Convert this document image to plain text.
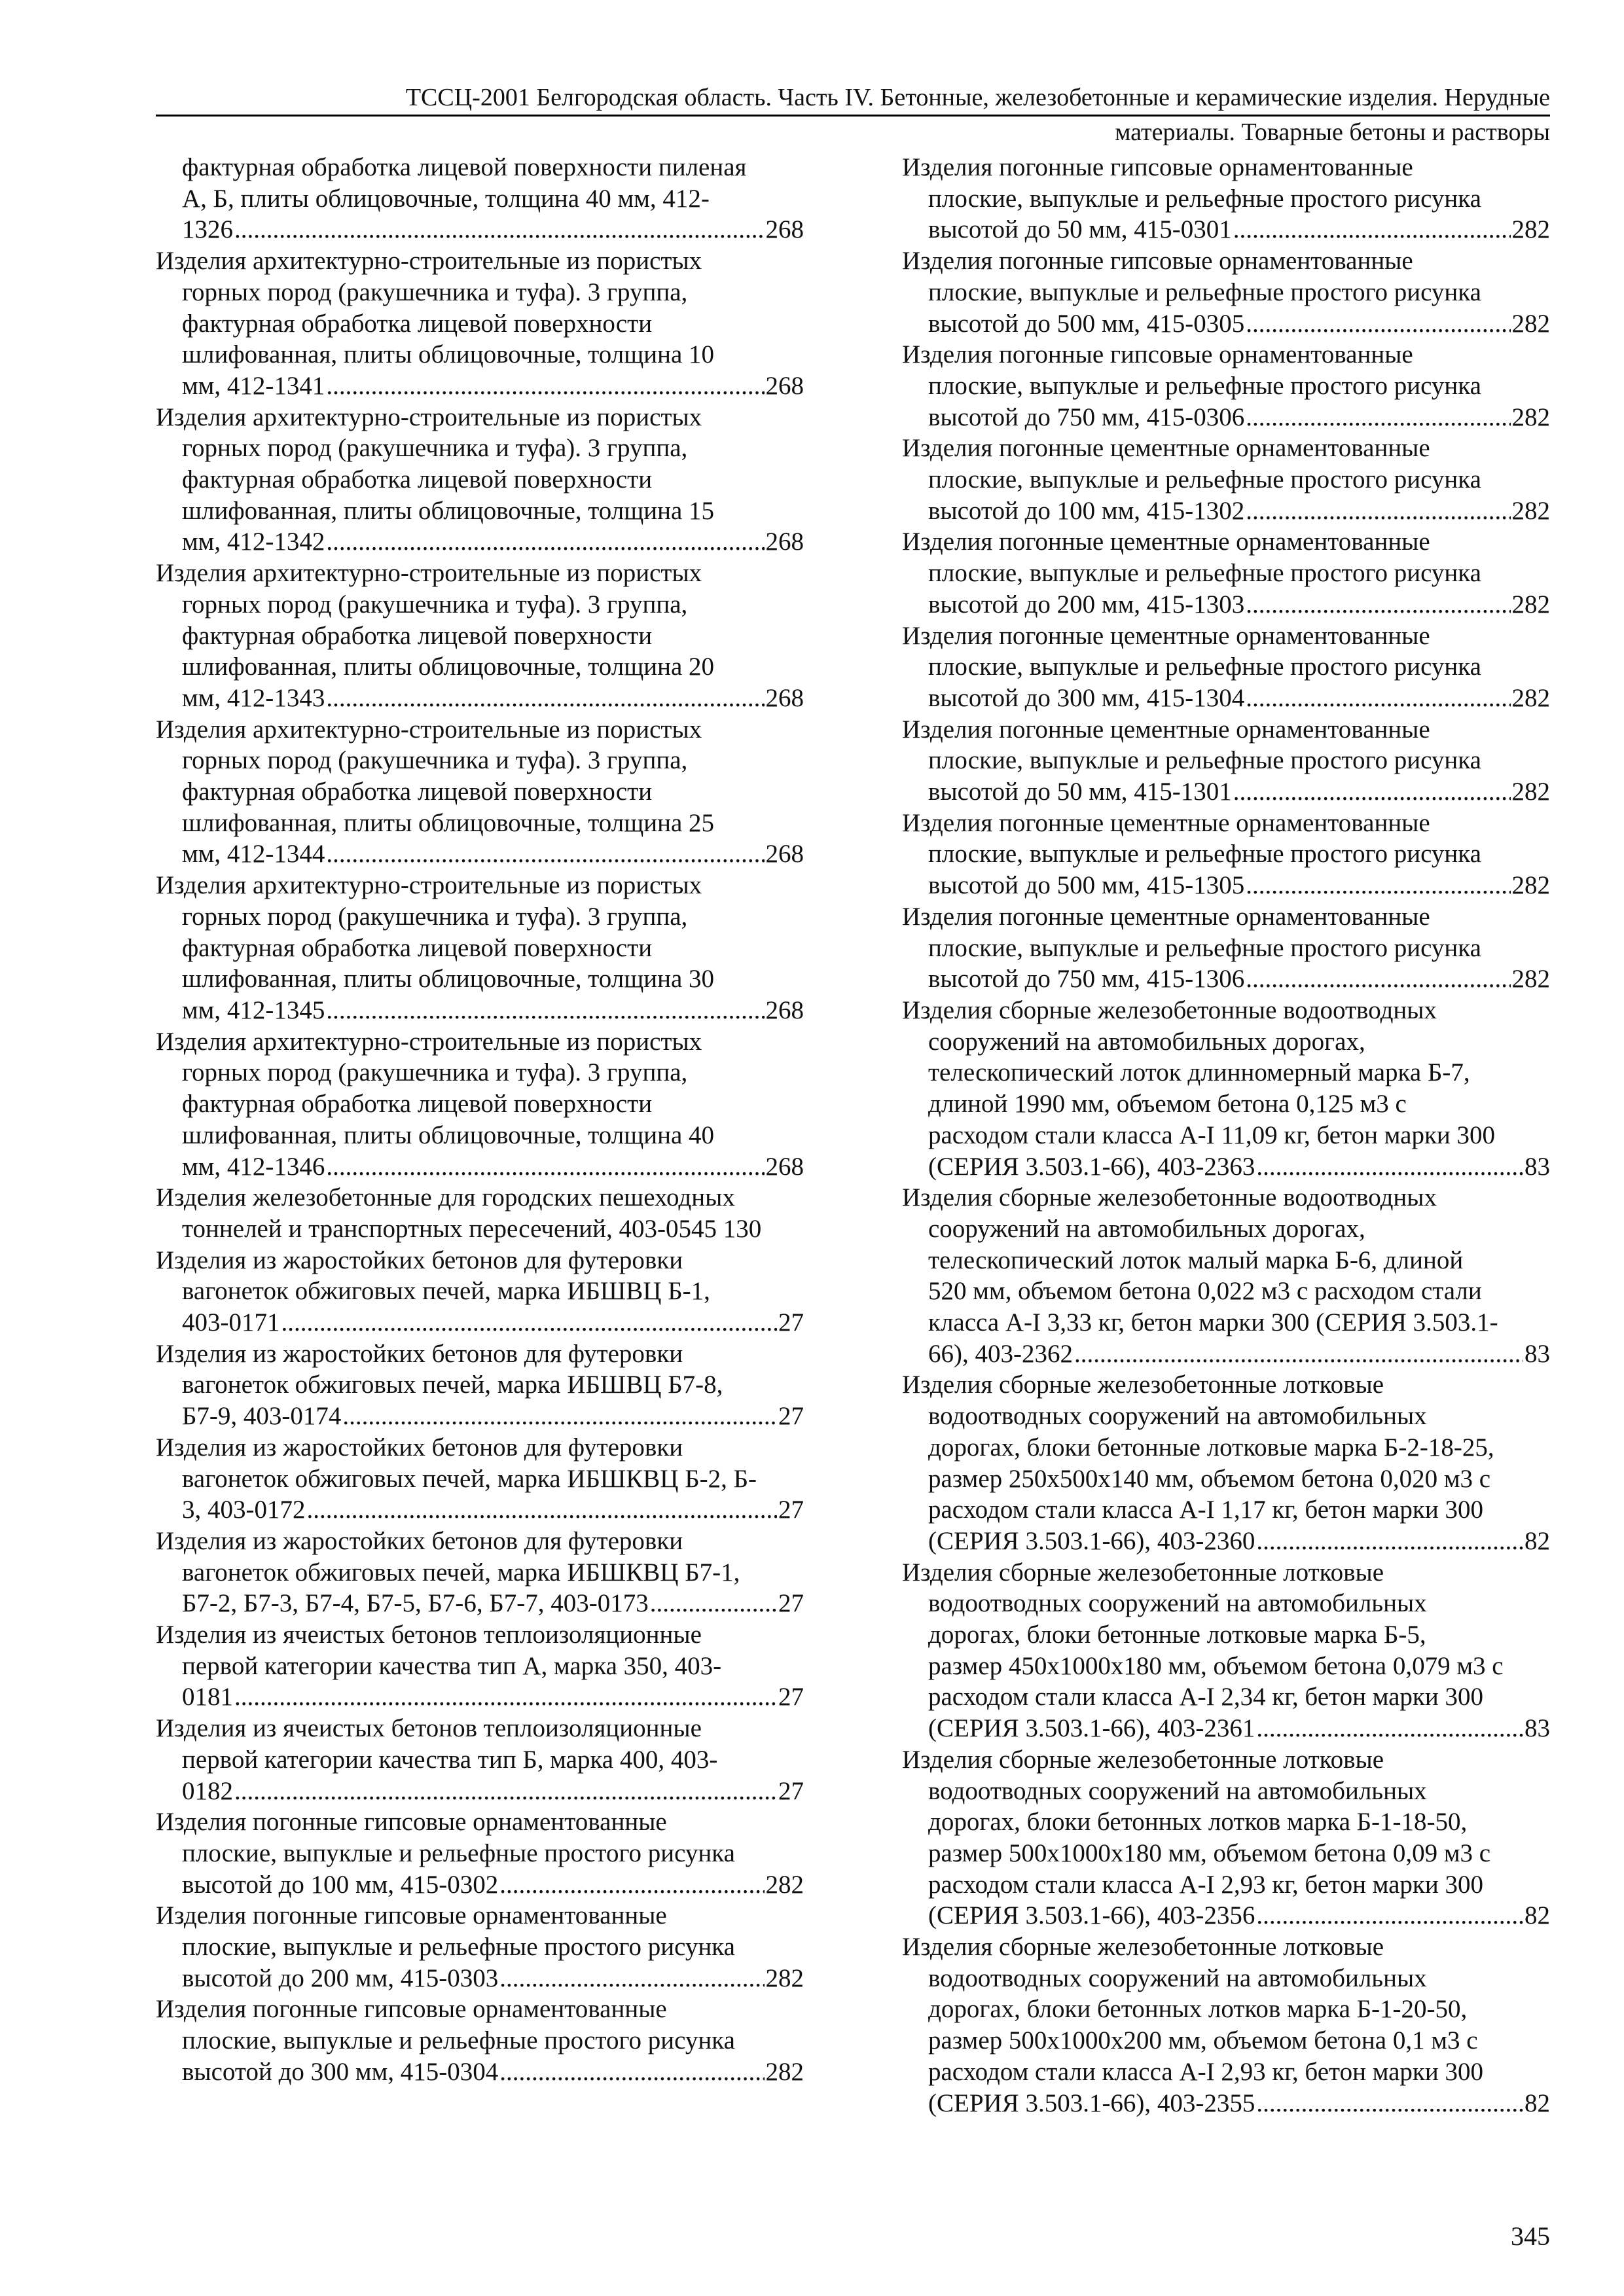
ТССЦ-2001 Белгородская область. Часть IV. Бетонные, железобетонные и керамические изделия. Нерудные
материалы. Товарные бетоны и растворы
фактурная обработка лицевой поверхности пиленая
А, Б, плиты облицовочные, толщина 40 мм, 412-
1326 .....	268
Изделия архитектурно-строительные из пористых
горных пород (ракушечника и туфа). 3 группа,
фактурная обработка лицевой поверхности
шлифованная, плиты облицовочные, толщина 10
мм, 412-1341 .....	268
Изделия архитектурно-строительные из пористых
горных пород (ракушечника и туфа). 3 группа,
фактурная обработка лицевой поверхности
шлифованная, плиты облицовочные, толщина 15
мм, 412-1342 .....	268
Изделия архитектурно-строительные из пористых
горных пород (ракушечника и туфа). 3 группа,
фактурная обработка лицевой поверхности
шлифованная, плиты облицовочные, толщина 20
мм, 412-1343 .....	268
Изделия архитектурно-строительные из пористых
горных пород (ракушечника и туфа). 3 группа,
фактурная обработка лицевой поверхности
шлифованная, плиты облицовочные, толщина 25
мм, 412-1344 .....	268
Изделия архитектурно-строительные из пористых
горных пород (ракушечника и туфа). 3 группа,
фактурная обработка лицевой поверхности
шлифованная, плиты облицовочные, толщина 30
мм, 412-1345 .....	268
Изделия архитектурно-строительные из пористых
горных пород (ракушечника и туфа). 3 группа,
фактурная обработка лицевой поверхности
шлифованная, плиты облицовочные, толщина 40
мм, 412-1346 .....	268
Изделия железобетонные для городских пешеходных
тоннелей и транспортных пересечений, 403-0545 130
Изделия из жаростойких бетонов для футеровки
вагонеток обжиговых печей, марка ИБШВЦ Б-1,
403-0171 .....	27
Изделия из жаростойких бетонов для футеровки
вагонеток обжиговых печей, марка ИБШВЦ Б7-8,
Б7-9, 403-0174 .....	27
Изделия из жаростойких бетонов для футеровки
вагонеток обжиговых печей, марка ИБШКВЦ Б-2, Б-
3, 403-0172 .....	27
Изделия из жаростойких бетонов для футеровки
вагонеток обжиговых печей, марка ИБШКВЦ Б7-1,
Б7-2, Б7-3, Б7-4, Б7-5, Б7-6, Б7-7, 403-0173 .....	27
Изделия из ячеистых бетонов теплоизоляционные
первой категории качества тип А, марка 350, 403-
0181 .....	27
Изделия из ячеистых бетонов теплоизоляционные
первой категории качества тип Б, марка 400, 403-
0182 .....	27
Изделия погонные гипсовые орнаментованные
плоские, выпуклые и рельефные простого рисунка
высотой до 100 мм, 415-0302 .....	282
Изделия погонные гипсовые орнаментованные
плоские, выпуклые и рельефные простого рисунка
высотой до 200 мм, 415-0303 .....	282
Изделия погонные гипсовые орнаментованные
плоские, выпуклые и рельефные простого рисунка
высотой до 300 мм, 415-0304 .....	282
Изделия погонные гипсовые орнаментованные
плоские, выпуклые и рельефные простого рисунка
высотой до 50 мм, 415-0301 .....	282
Изделия погонные гипсовые орнаментованные
плоские, выпуклые и рельефные простого рисунка
высотой до 500 мм, 415-0305 .....	282
Изделия погонные гипсовые орнаментованные
плоские, выпуклые и рельефные простого рисунка
высотой до 750 мм, 415-0306 .....	282
Изделия погонные цементные орнаментованные
плоские, выпуклые и рельефные простого рисунка
высотой до 100 мм, 415-1302 .....	282
Изделия погонные цементные орнаментованные
плоские, выпуклые и рельефные простого рисунка
высотой до 200 мм, 415-1303 .....	282
Изделия погонные цементные орнаментованные
плоские, выпуклые и рельефные простого рисунка
высотой до 300 мм, 415-1304 .....	282
Изделия погонные цементные орнаментованные
плоские, выпуклые и рельефные простого рисунка
высотой до 50 мм, 415-1301 .....	282
Изделия погонные цементные орнаментованные
плоские, выпуклые и рельефные простого рисунка
высотой до 500 мм, 415-1305 .....	282
Изделия погонные цементные орнаментованные
плоские, выпуклые и рельефные простого рисунка
высотой до 750 мм, 415-1306 .....	282
Изделия сборные железобетонные водоотводных
сооружений на автомобильных дорогах,
телескопический лоток длинномерный марка Б-7,
длиной 1990 мм, объемом бетона 0,125 м3 с
расходом стали класса А-I 11,09 кг, бетон марки 300
(СЕРИЯ 3.503.1-66), 403-2363 .....	83
Изделия сборные железобетонные водоотводных
сооружений на автомобильных дорогах,
телескопический лоток малый марка Б-6, длиной
520 мм, объемом бетона 0,022 м3 с расходом стали
класса А-I 3,33 кг, бетон марки 300 (СЕРИЯ 3.503.1-
66), 403-2362 .....	83
Изделия сборные железобетонные лотковые
водоотводных сооружений на автомобильных
дорогах, блоки бетонные лотковые марка Б-2-18-25,
размер 250х500х140 мм, объемом бетона 0,020 м3 с
расходом стали класса А-I 1,17 кг, бетон марки 300
(СЕРИЯ 3.503.1-66), 403-2360 .....	82
Изделия сборные железобетонные лотковые
водоотводных сооружений на автомобильных
дорогах, блоки бетонные лотковые марка Б-5,
размер 450х1000х180 мм, объемом бетона 0,079 м3 с
расходом стали класса А-I 2,34 кг, бетон марки 300
(СЕРИЯ 3.503.1-66), 403-2361 .....	83
Изделия сборные железобетонные лотковые
водоотводных сооружений на автомобильных
дорогах, блоки бетонных лотков марка Б-1-18-50,
размер 500х1000х180 мм, объемом бетона 0,09 м3 с
расходом стали класса А-I 2,93 кг, бетон марки 300
(СЕРИЯ 3.503.1-66), 403-2356 .....	82
Изделия сборные железобетонные лотковые
водоотводных сооружений на автомобильных
дорогах, блоки бетонных лотков марка Б-1-20-50,
размер 500х1000х200 мм, объемом бетона 0,1 м3 с
расходом стали класса А-I 2,93 кг, бетон марки 300
(СЕРИЯ 3.503.1-66), 403-2355 .....	82
345
